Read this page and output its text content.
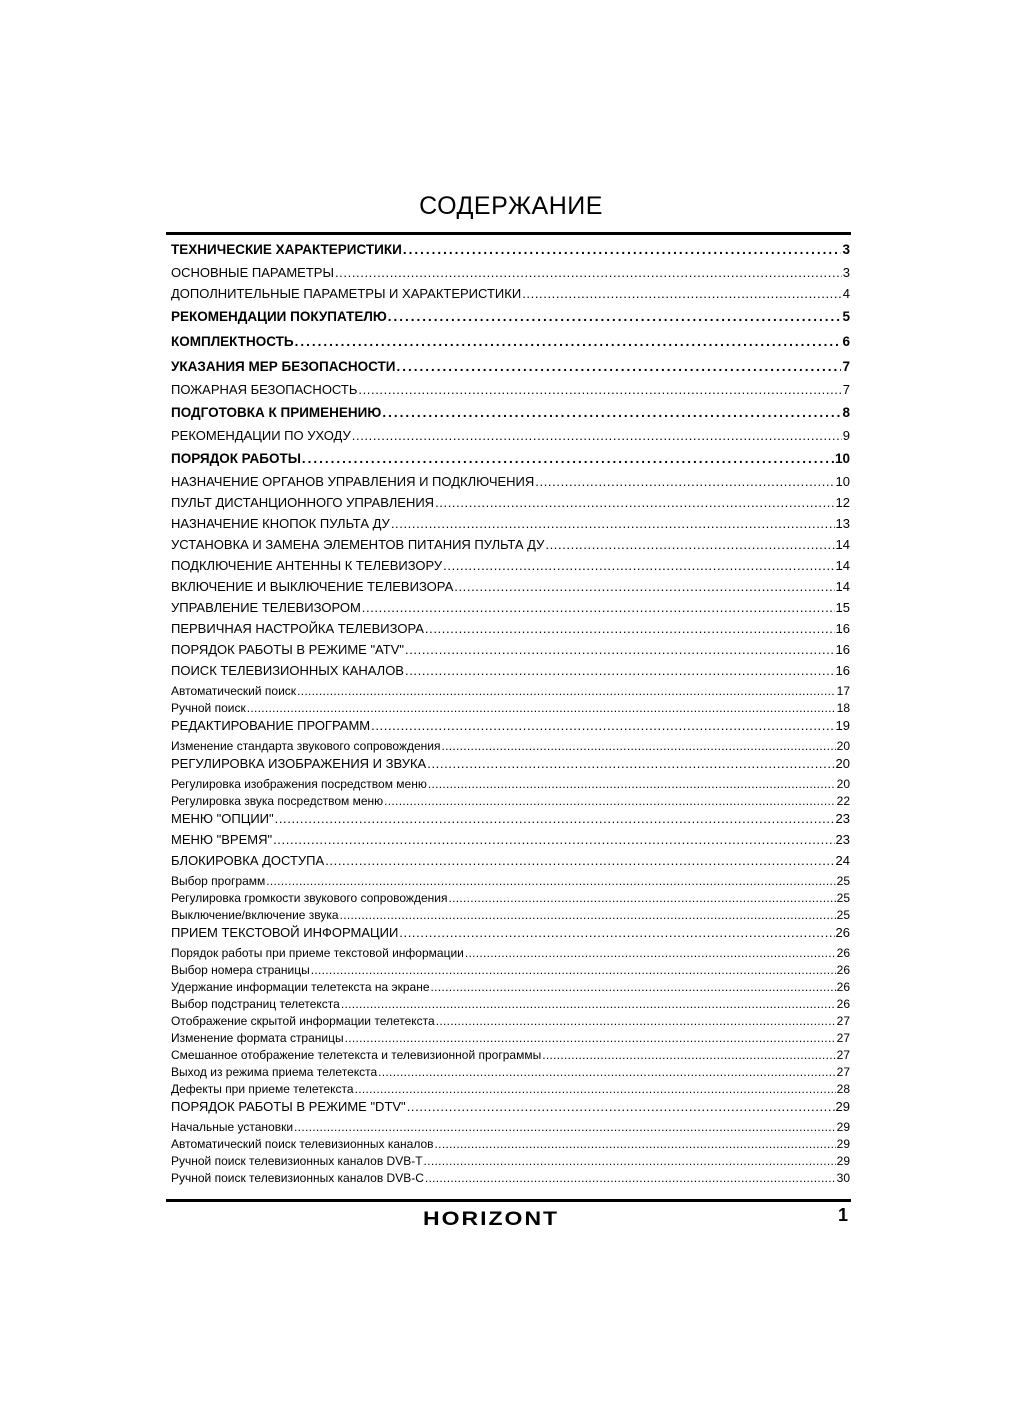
СОДЕРЖАНИЕ
ТЕХНИЧЕСКИЕ ХАРАКТЕРИСТИКИ .....	3
ОСНОВНЫЕ ПАРАМЕТРЫ .....	3
ДОПОЛНИТЕЛЬНЫЕ ПАРАМЕТРЫ И ХАРАКТЕРИСТИКИ .....	4
РЕКОМЕНДАЦИИ ПОКУПАТЕЛЮ .....	5
КОМПЛЕКТНОСТЬ .....	6
УКАЗАНИЯ МЕР БЕЗОПАСНОСТИ .....	7
ПОЖАРНАЯ БЕЗОПАСНОСТЬ .....	7
ПОДГОТОВКА К ПРИМЕНЕНИЮ .....	8
РЕКОМЕНДАЦИИ ПО УХОДУ .....	9
ПОРЯДОК РАБОТЫ .....	10
НАЗНАЧЕНИЕ ОРГАНОВ УПРАВЛЕНИЯ И ПОДКЛЮЧЕНИЯ .....	10
ПУЛЬТ ДИСТАНЦИОННОГО УПРАВЛЕНИЯ .....	12
НАЗНАЧЕНИЕ КНОПОК ПУЛЬТА ДУ .....	13
УСТАНОВКА И ЗАМЕНА ЭЛЕМЕНТОВ ПИТАНИЯ ПУЛЬТА ДУ .....	14
ПОДКЛЮЧЕНИЕ АНТЕННЫ К ТЕЛЕВИЗОРУ .....	14
ВКЛЮЧЕНИЕ И ВЫКЛЮЧЕНИЕ ТЕЛЕВИЗОРА .....	14
УПРАВЛЕНИЕ ТЕЛЕВИЗОРОМ .....	15
ПЕРВИЧНАЯ НАСТРОЙКА ТЕЛЕВИЗОРА .....	16
ПОРЯДОК РАБОТЫ В РЕЖИМЕ "ATV" .....	16
ПОИСК ТЕЛЕВИЗИОННЫХ КАНАЛОВ .....	16
Автоматический поиск .....	17
Ручной поиск .....	18
РЕДАКТИРОВАНИЕ ПРОГРАММ .....	19
Изменение стандарта звукового сопровождения .....	20
РЕГУЛИРОВКА ИЗОБРАЖЕНИЯ И ЗВУКА .....	20
Регулировка изображения посредством меню .....	20
Регулировка звука посредством меню .....	22
МЕНЮ "ОПЦИИ" .....	23
МЕНЮ "ВРЕМЯ" .....	23
БЛОКИРОВКА ДОСТУПА .....	24
Выбор программ .....	25
Регулировка громкости звукового сопровождения .....	25
Выключение/включение звука .....	25
ПРИЕМ ТЕКСТОВОЙ ИНФОРМАЦИИ .....	26
Порядок работы при приеме текстовой информации .....	26
Выбор номера страницы .....	26
Удержание информации телетекста на экране .....	26
Выбор подстраниц телетекста .....	26
Отображение скрытой информации телетекста .....	27
Изменение формата страницы .....	27
Смешанное отображение телетекста и телевизионной программы .....	27
Выход из режима приема телетекста .....	27
Дефекты при приеме телетекста .....	28
ПОРЯДОК РАБОТЫ В РЕЖИМЕ "DTV" .....	29
Начальные установки .....	29
Автоматический поиск телевизионных каналов .....	29
Ручной поиск телевизионных каналов DVB-T .....	29
Ручной поиск телевизионных каналов DVB-C .....	30
HORIZONT	1
